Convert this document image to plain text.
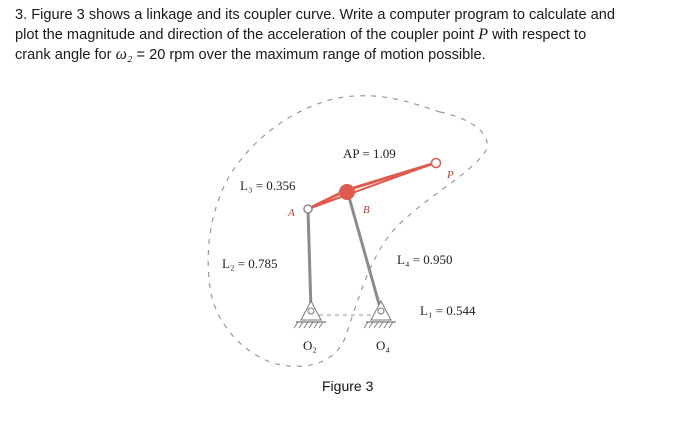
3. Figure 3 shows a linkage and its coupler curve. Write a computer program to calculate and
plot the magnitude and direction of the acceleration of the coupler point P with respect to
crank angle for ω₂ = 20 rpm over the maximum range of motion possible.
AP = 1.09
L₃ = 0.356
L₂ = 0.785	L₄ = 0.950
L₁ = 0.544
A	B
P
O₂	O₄
Figure 3
